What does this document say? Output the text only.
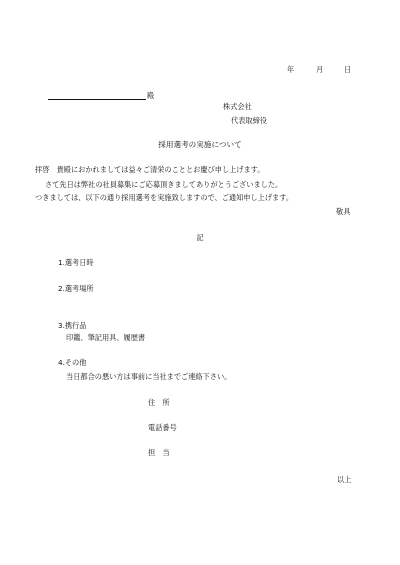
年	月	日
殿
株式会社
代表取締役
採用選考の実施について
拝啓　貴殿におかれましては益々ご清栄のこととお慶び申し上げます。
さて先日は弊社の社員募集にご応募頂きましてありがとうございました。
つきましては、以下の通り採用選考を実施致しますので、ご通知申し上げます。
敬具
記
1.選考日時
2.選考場所
3.携行品
印鑑、筆記用具、履歴書
4.その他
当日都合の悪い方は事前に当社までご連絡下さい。
住　所
電話番号
担　当
以上
